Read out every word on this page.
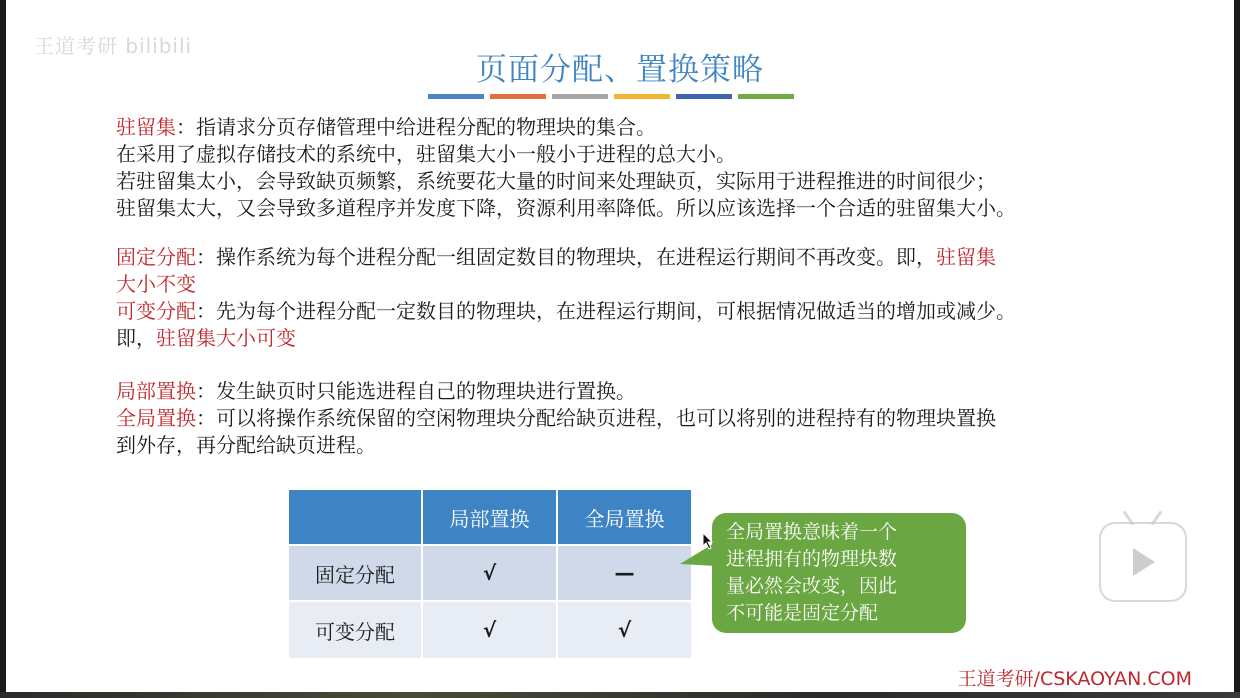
王道考研 bilibili
页面分配、置换策略
驻留集：指请求分页存储管理中给进程分配的物理块的集合。
在采用了虚拟存储技术的系统中，驻留集大小一般小于进程的总大小。
若驻留集太小，会导致缺页频繁，系统要花大量的时间来处理缺页，实际用于进程推进的时间很少；
驻留集太大，又会导致多道程序并发度下降，资源利用率降低。所以应该选择一个合适的驻留集大小。
固定分配：操作系统为每个进程分配一组固定数目的物理块，在进程运行期间不再改变。即，驻留集
大小不变
可变分配：先为每个进程分配一定数目的物理块，在进程运行期间，可根据情况做适当的增加或减少。
即，驻留集大小可变
局部置换：发生缺页时只能选进程自己的物理块进行置换。
全局置换：可以将操作系统保留的空闲物理块分配给缺页进程，也可以将别的进程持有的物理块置换
到外存，再分配给缺页进程。
	局部置换	全局置换
固定分配	√	—
可变分配	√	√
全局置换意味着一个
进程拥有的物理块数
量必然会改变，因此
不可能是固定分配
王道考研/CSKAOYAN.COM
